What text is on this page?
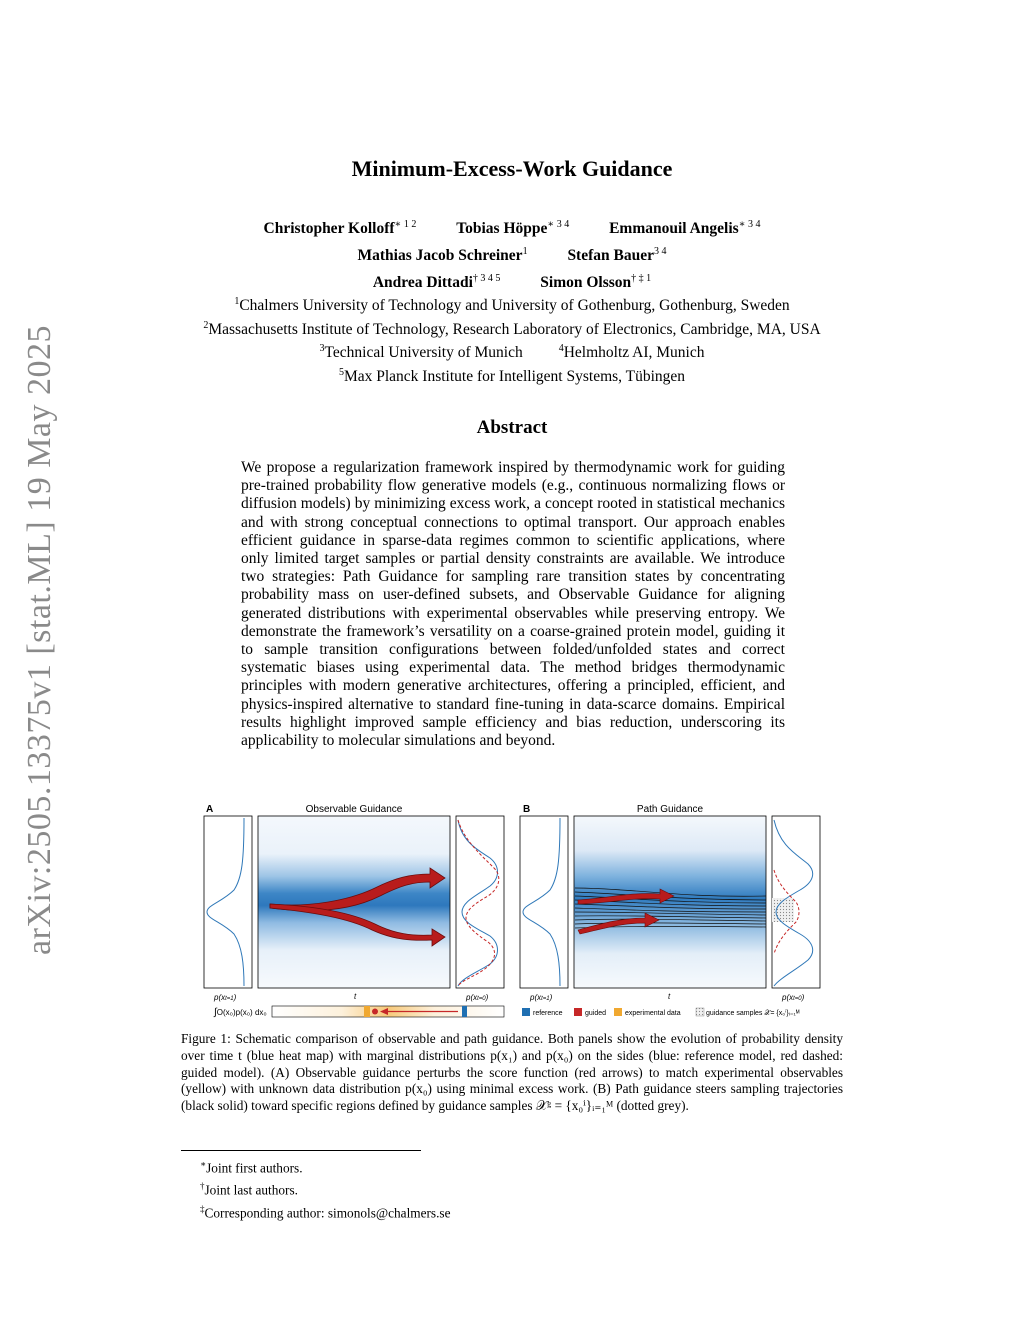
arXiv:2505.13375v1 [stat.ML] 19 May 2025
Minimum-Excess-Work Guidance
Christopher Kolloff$^{∗ 1 2}$	Tobias Höppe$^{∗ 3 4}$	Emmanouil Angelis$^{∗ 3 4}$
Mathias Jacob Schreiner$^1$	Stefan Bauer$^{3 4}$
Andrea Dittadi$^{\dagger 3 4 5}$	Simon Olsson$^{\dagger \ddagger 1}$
$^1$Chalmers University of Technology and University of Gothenburg, Gothenburg, Sweden
$^2$Massachusetts Institute of Technology, Research Laboratory of Electronics, Cambridge, MA, USA
$^3$Technical University of Munich	$^4$Helmholtz AI, Munich
$^5$Max Planck Institute for Intelligent Systems, Tübingen
Abstract
We propose a regularization framework inspired by thermodynamic work for guiding pre-trained probability flow generative models (e.g., continuous normalizing flows or diffusion models) by minimizing excess work, a concept rooted in statistical mechanics and with strong conceptual connections to optimal transport. Our approach enables efficient guidance in sparse-data regimes common to scientific applications, where only limited target samples or partial density constraints are available. We introduce two strategies: Path Guidance for sampling rare transition states by concentrating probability mass on user-defined subsets, and Observable Guidance for aligning generated distributions with experimental observables while preserving entropy. We demonstrate the framework’s versatility on a coarse-grained protein model, guiding it to sample transition configurations between folded/unfolded states and correct systematic biases using experimental data. The method bridges thermodynamic principles with modern generative architectures, offering a principled, efficient, and physics-inspired alternative to standard fine-tuning in data-scarce domains. Empirical results highlight improved sample efficiency and bias reduction, underscoring its applicability to molecular simulations and beyond.
A	Observable Guidance	B	Path Guidance
p(xt=1)	t	p(xt=0)	p(xt=1)	t	p(xt=0)
∫O(x₀)p(x₀) dx₀	reference	guided	experimental data	guidance samples 𝒳= {x₀ⁱ}ᵢ₌₁ᴹ
Figure 1: Schematic comparison of observable and path guidance. Both panels show the evolution of probability density over time t (blue heat map) with marginal distributions p(x₁) and p(x₀) on the sides (blue: reference model, red dashed: guided model). (A) Observable guidance perturbs the score function (red arrows) to match experimental observables (yellow) with unknown data distribution p(x₀) using minimal excess work. (B) Path guidance steers sampling trajectories (black solid) toward specific regions defined by guidance samples 𝒳ᵍ = {x₀ⁱ}ᵢ₌₁ᴹ (dotted grey).
∗Joint first authors.
†Joint last authors.
‡Corresponding author: simonols@chalmers.se
